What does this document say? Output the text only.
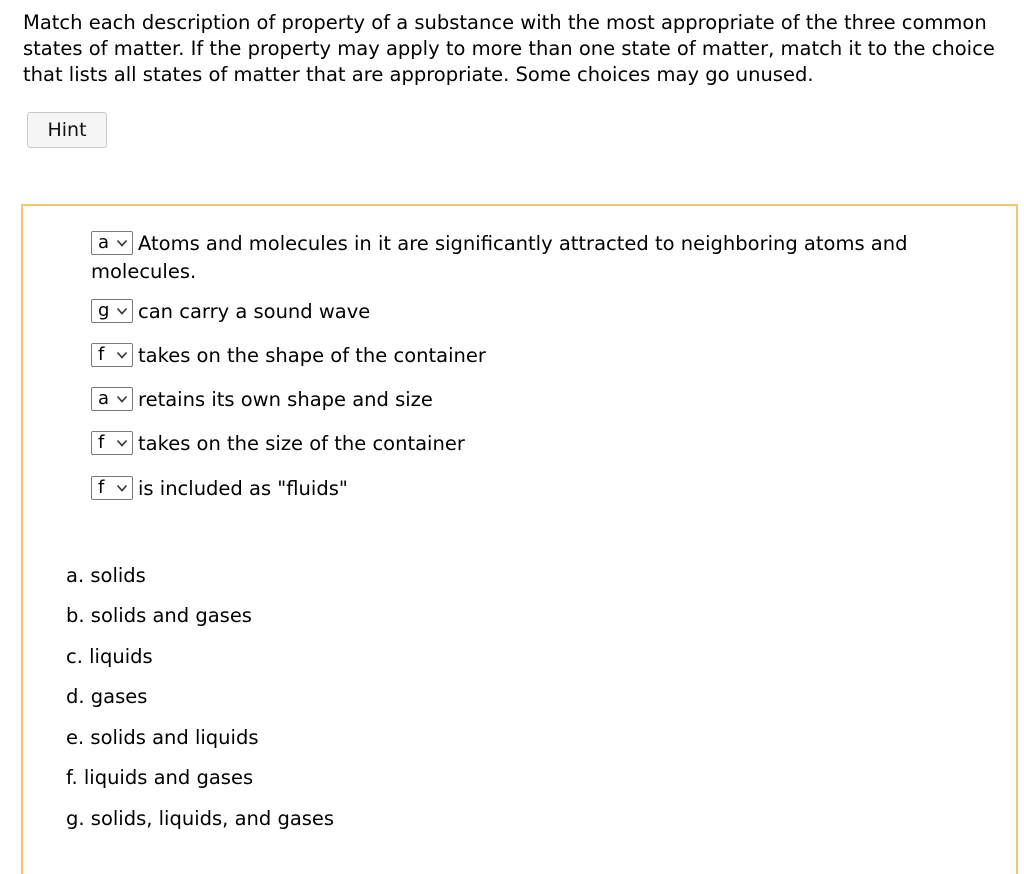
Match each description of property of a substance with the most appropriate of the three common states of matter. If the property may apply to more than one state of matter, match it to the choice that lists all states of matter that are appropriate. Some choices may go unused.
Hint
a Atoms and molecules in it are significantly attracted to neighboring atoms and molecules.
g can carry a sound wave
f takes on the shape of the container
a retains its own shape and size
f takes on the size of the container
f is included as "fluids"
a. solids
b. solids and gases
c. liquids
d. gases
e. solids and liquids
f. liquids and gases
g. solids, liquids, and gases
